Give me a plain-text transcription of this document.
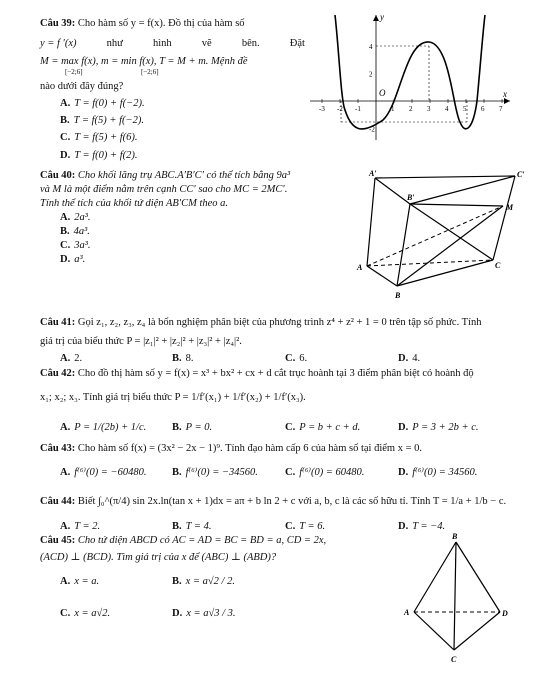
Câu 39: Cho hàm số y = f(x). Đồ thị của hàm số
y = f ′(x)	như	hình	vẽ	bên.	Đặt
M = max f(x), m = min f(x), T = M + m. Mệnh đề
[−2;6]	[−2;6]
nào dưới đây đúng?
A. T = f(0) + f(−2).
B. T = f(5) + f(−2).
C. T = f(5) + f(6).
D. T = f(0) + f(2).
y
x
O
-3 -2 -1	1 2 3 4 5 6 7
4
2
-2
Câu 40: Cho khối lăng trụ ABC.A′B′C′ có thể tích bằng 9a³
và M là một điểm nằm trên cạnh CC′ sao cho MC = 2MC′.
Tính thể tích của khối tứ diện AB′CM theo a.
A. 2a³.
B. 4a³.
C. 3a³.
D. a³.
A′	C′
B′
M
A	C
B
Câu 41: Gọi z₁, z₂, z₃, z₄ là bốn nghiệm phân biệt của phương trình z⁴ + z² + 1 = 0 trên tập số phức. Tính
giá trị của biểu thức P = |z₁|² + |z₂|² + |z₃|² + |z₄|².
A. 2.	B. 8.	C. 6.	D. 4.
Câu 42: Cho đồ thị hàm số y = f(x) = x³ + bx² + cx + d cắt trục hoành tại 3 điểm phân biệt có hoành độ
x₁; x₂; x₃. Tính giá trị biểu thức P = 1/f′(x₁) + 1/f′(x₂) + 1/f′(x₃).
A. P = 1/(2b) + 1/c. B. P = 0.	C. P = b + c + d.	D. P = 3 + 2b + c.
Câu 43: Cho hàm số f(x) = (3x² − 2x − 1)⁹. Tính đạo hàm cấp 6 của hàm số tại điểm x = 0.
A. f⁽⁶⁾(0) = −60480. B. f⁽⁶⁾(0) = −34560.	C. f⁽⁶⁾(0) = 60480.	D. f⁽⁶⁾(0) = 34560.
Câu 44: Biết ∫₀^(π/4) sin 2x.ln(tan x + 1)dx = aπ + b ln 2 + c với a, b, c là các số hữu tỉ. Tính T = 1/a + 1/b − c.
A. T = 2.	B. T = 4.	C. T = 6.	D. T = −4.
Câu 45: Cho tứ diện ABCD có AC = AD = BC = BD = a, CD = 2x,
(ACD) ⊥ (BCD). Tìm giá trị của x để (ABC) ⊥ (ABD)?
A. x = a.	B. x = a√2 / 2.
C. x = a√2.	D. x = a√3 / 3.
B
A	D
C
